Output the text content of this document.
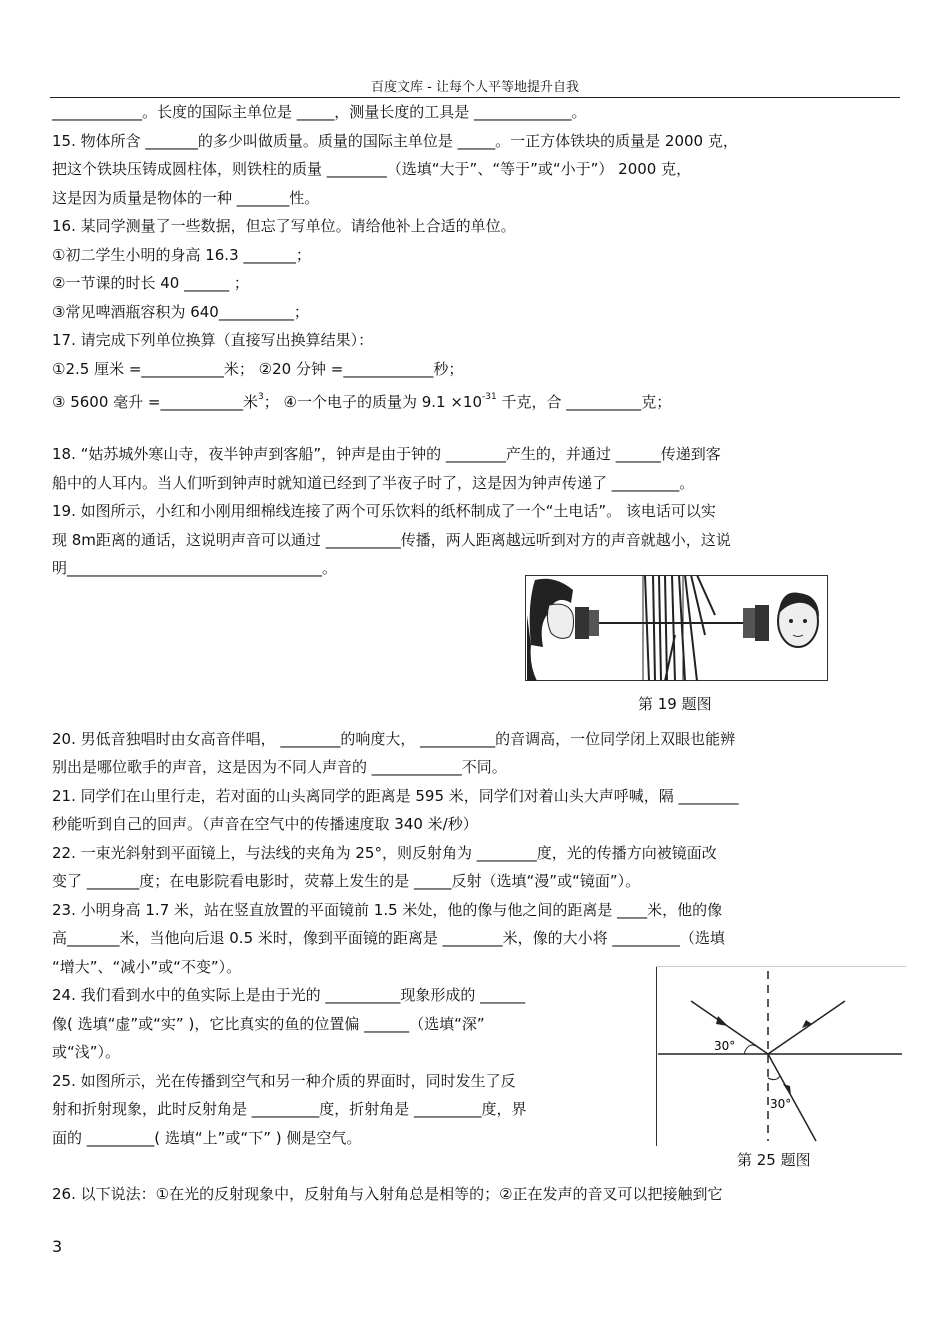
百度文库 - 让每个人平等地提升自我
____________。长度的国际主单位是 _____，测量长度的工具是 _____________。
15. 物体所含 _______的多少叫做质量。质量的国际主单位是 _____。一正方体铁块的质量是 2000 克，
把这个铁块压铸成圆柱体，则铁柱的质量 ________（选填“大于”、“等于”或“小于”） 2000 克，
这是因为质量是物体的一种 _______性。
16. 某同学测量了一些数据，但忘了写单位。请给他补上合适的单位。
①初二学生小明的身高 16.3 _______；
②一节课的时长 40 ______ ；
③常见啤酒瓶容积为 640__________；
17. 请完成下列单位换算（直接写出换算结果）：
①2.5 厘米 =___________米； ②20 分钟 =____________秒；
③ 5600 毫升 =___________米$^3$； ④一个电子的质量为 $9.1 \times 10^{-31}$ 千克，合 __________克；
18. “姑苏城外寒山寺，夜半钟声到客船”，钟声是由于钟的 ________产生的，并通过 ______传递到客
船中的人耳内。当人们听到钟声时就知道已经到了半夜子时了，这是因为钟声传递了 _________。
19. 如图所示，小红和小刚用细棉线连接了两个可乐饮料的纸杯制成了一个“土电话”。 该电话可以实
现 8m距离的通话，这说明声音可以通过 __________传播，两人距离越远听到对方的声音就越小，这说
明__________________________________。
第 19 题图
20. 男低音独唱时由女高音伴唱， ________的响度大， __________的音调高，一位同学闭上双眼也能辨
别出是哪位歌手的声音，这是因为不同人声音的 ____________不同。
21. 同学们在山里行走，若对面的山头离同学的距离是 595 米，同学们对着山头大声呼喊，隔 ________
秒能听到自己的回声。（声音在空气中的传播速度取 340 米/秒）
22. 一束光斜射到平面镜上，与法线的夹角为 25°，则反射角为 ________度，光的传播方向被镜面改
变了 _______度；在电影院看电影时，荧幕上发生的是 _____反射（选填“漫”或“镜面”）。
23. 小明身高 1.7 米，站在竖直放置的平面镜前 1.5 米处，他的像与他之间的距离是 ____米，他的像
高_______米，当他向后退 0.5 米时，像到平面镜的距离是 ________米，像的大小将 _________（选填
“增大”、“减小”或“不变”）。
24. 我们看到水中的鱼实际上是由于光的 __________现象形成的 ______
像( 选填“虚”或“实” )，它比真实的鱼的位置偏 ______（选填“深”
或“浅”）。
25. 如图所示，光在传播到空气和另一种介质的界面时，同时发生了反
射和折射现象，此时反射角是 _________度，折射角是 _________度，界
面的 _________( 选填“上”或“下” ) 侧是空气。
30°
30°
第 25 题图
26. 以下说法：①在光的反射现象中，反射角与入射角总是相等的；②正在发声的音叉可以把接触到它
3
